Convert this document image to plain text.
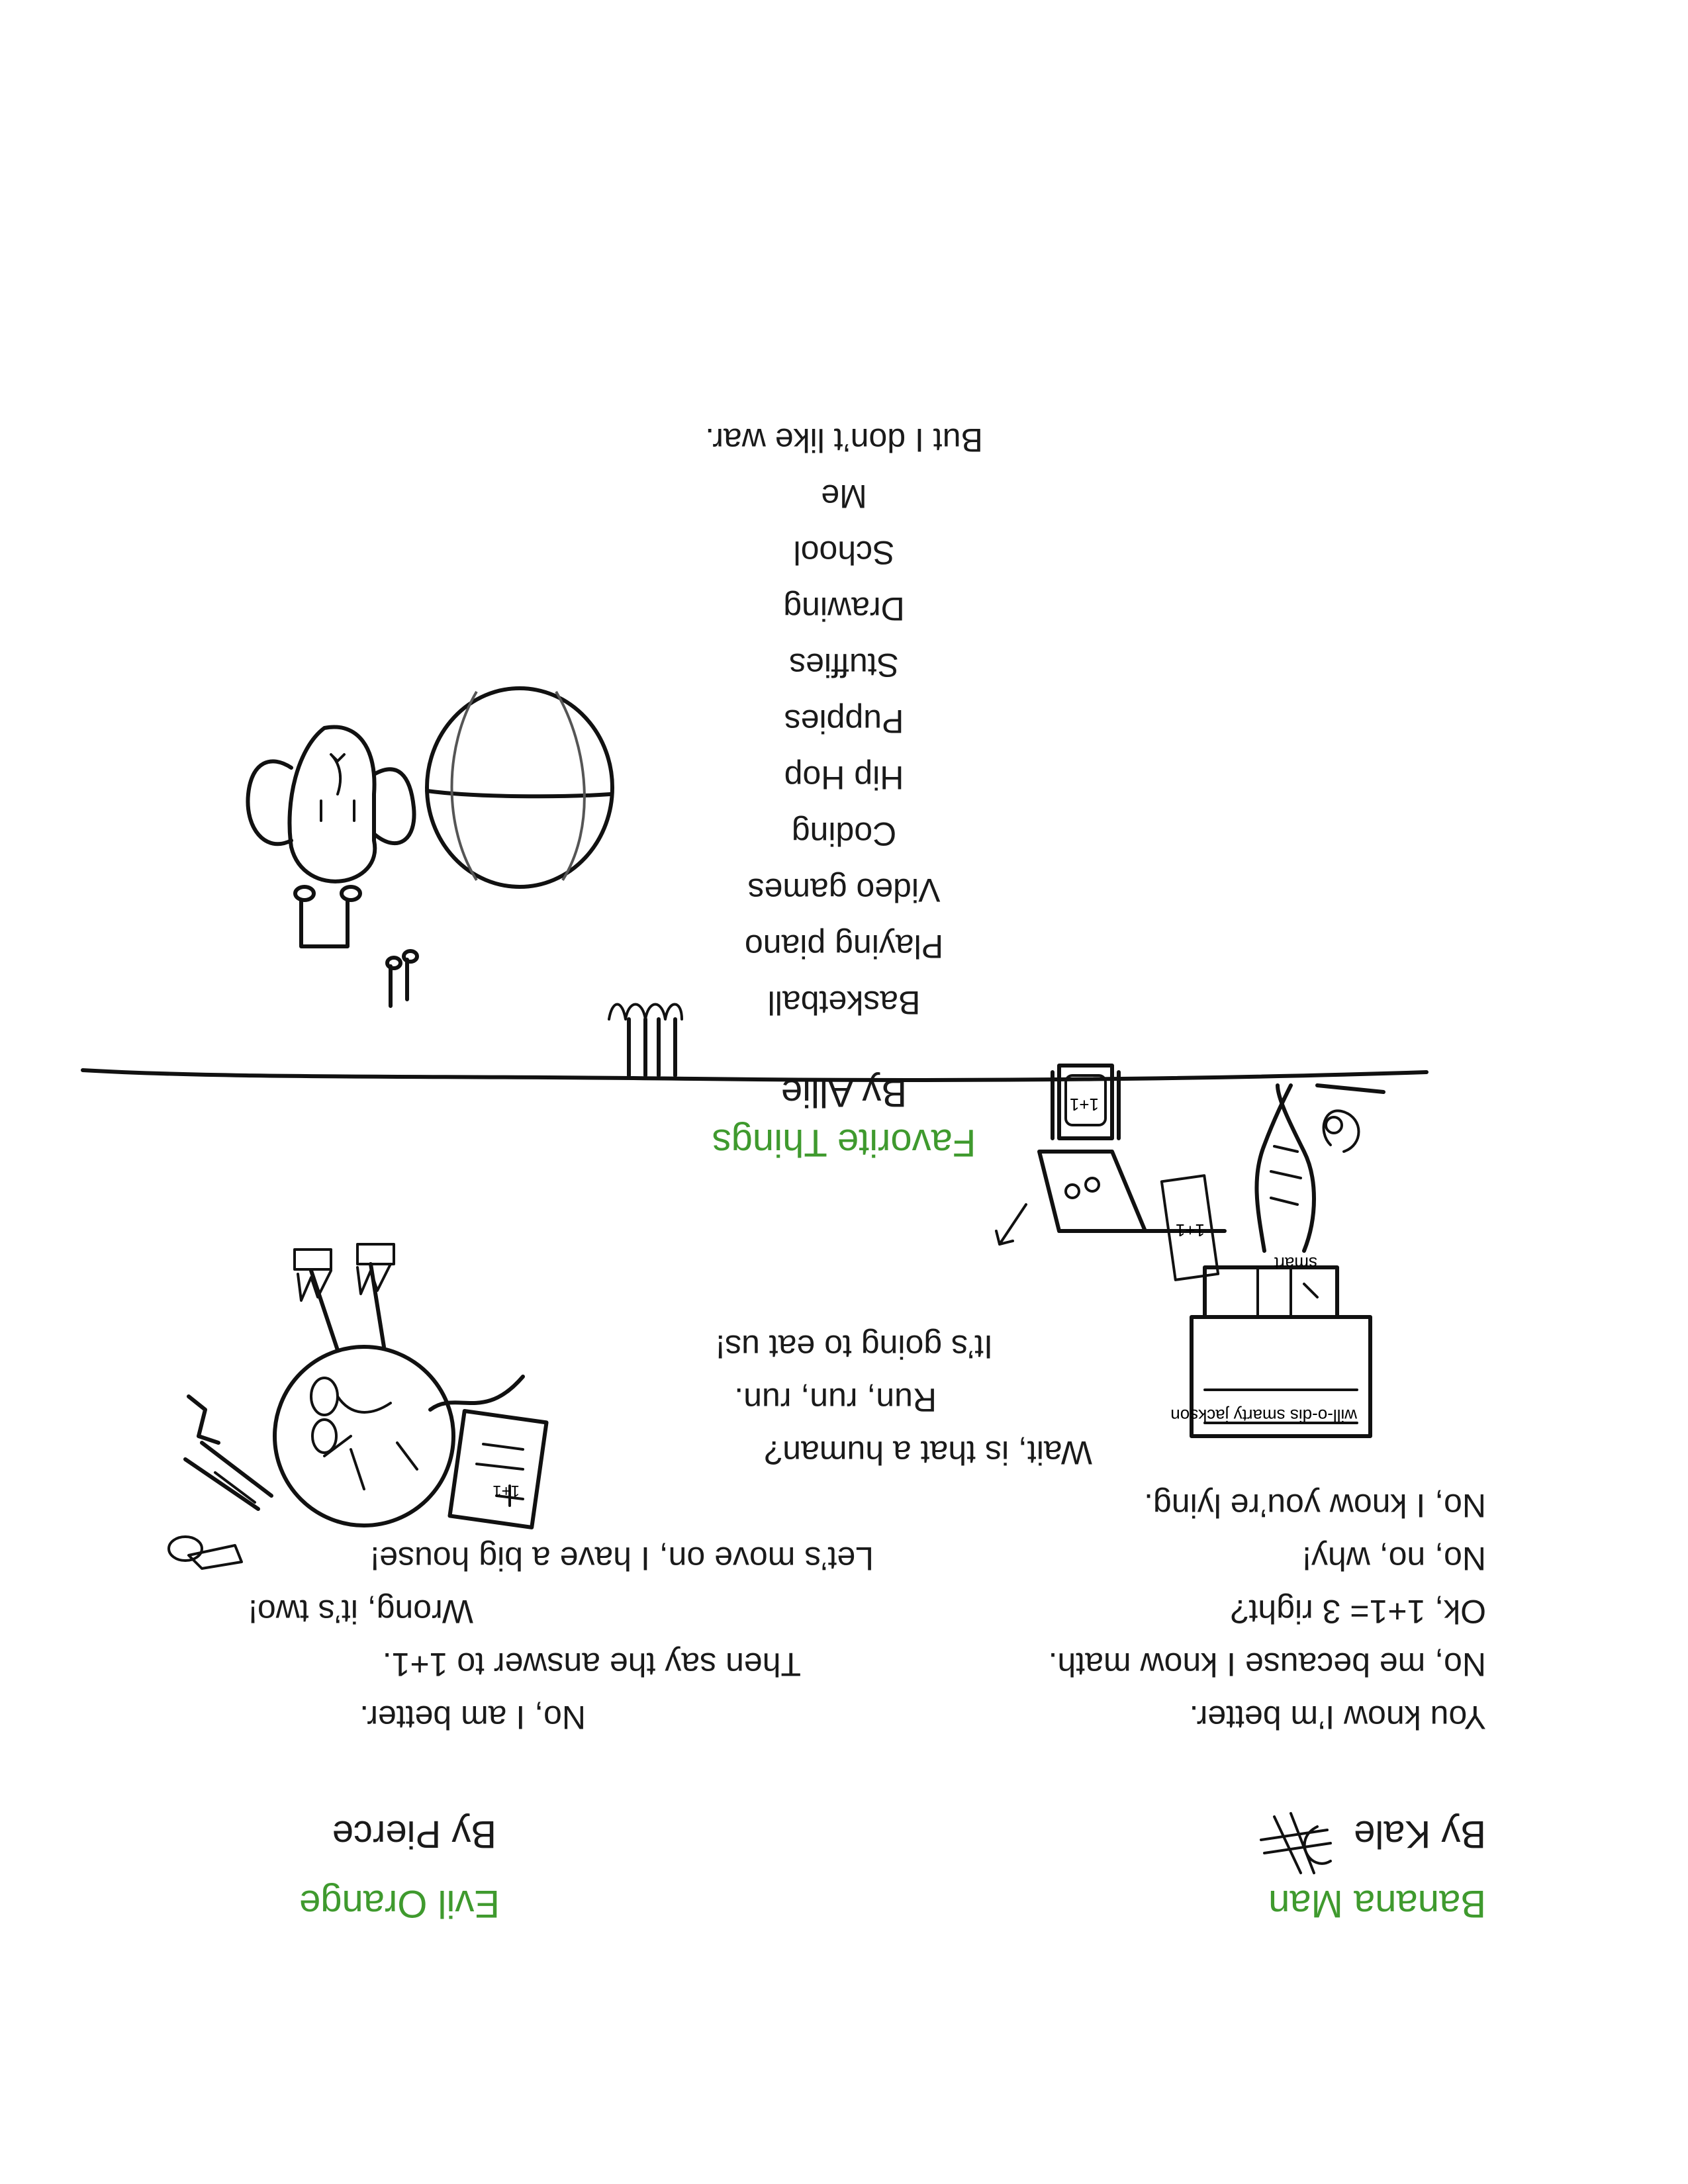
Favorite Things
By Allie
Basketball
Playing piano
Video games
Coding
Hip Hop
Puppies
Stuffies
Drawing
School
Me
But I don’t like war.
Banana Man
By Kale
Evil Orange
By Pierce
You know I’m better.
No, me because I know math.
Ok, 1+1= 3 right?
No, no, why!
No, I know you’re lying.
Wait, is that a human?
No, I am better.
Then say the answer to 1+1.
Wrong, it’s two!
Let’s move on, I have a big house!
Run, run, run.
It’s going to eat us!
1+1
will-o-dis smarty jackson
smart
1+1
1+1
